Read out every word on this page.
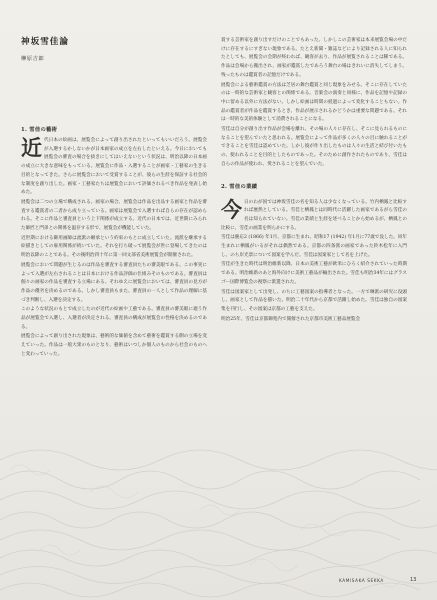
神坂雪佳論

榊原吉郎

1. 雪佳の藝術

近代日本の絵画は、展覧会によって創り出されたといってもいいだろう。展覧会が入選するかしないかが日本画家の成立を左右したといえる。今日においても展覧会の審査の場合を抜きにしてはいえないという状況は、明治以降の日本画の成立に大きな意味をもっている。展覧会に作品・入選することが画家・工藝家の生きる目的となってきた。さらに展覧会において受賞することが、彼らの生涯を保証する社会的な制度を創り出した。画家・工藝家たちは展覧会において評価されるべき作品を発表し始めた。

展覧会は二つの立場で構成される。画家の場合、展覧会は作品を出品する画家と作品を審査する鑑賞者の二者から成り立っている。画家は展覧会で入選すれば自らの存在が認められる。そこに作品と審査員という上下関係が成立する。近代の日本では、近世期にみられた師匠と門弟との関係を温存する形で、展覧会が機能していた。

近世期における御用画師は流派の継承という約束のもとに成立していた。流派を継承する絵描きとしての雇用関係が続いていた。それを打ち破って展覧会が世に登場してきたのは明治以降のことである。その後明治四十年に第一回文部省美術展覧会が開催された。

展覧会において問題が生じるのは作品を審査する審査員たちの審美眼である。この事実によって入選が左右されることは日本における作品評価の仕組みそのものである。審査員は個々の画家の作品を審査する立場にある。それゆえに展覧会においては、審査員の見方が作品の優劣を決めるのである。しかし審査員もまた、審査員の一人として作品の理解に基づき判断し、入選を決定する。

このような状況のもとで成立したのが近代の絵画や工藝である。審査員の審美眼に適う作品が展覧会で入選し、入選者が決定される。審査員の構成が展覧会の性格を決めるのである。

展覧会によって創り出された現象は、藝術的な価値を含めて藝術を鑑賞する側の立場を変えていった。作品は一般大衆のものとなり、藝術はいつしか個人のものから社会のものへと変わっていった。

賞する芸術家を創り出すだけのことでもあった。しかしこの芸術家は本来展覧会場の中だけに存在するにすぎない現象である。たとえ新聞・雑誌などにより記録される人に知られたとしても、展覧会の会期が終われば、観客が去り、作品が展覧されることは稀である。作品は会場から搬出され、画家が鑑賞したであろう舞台の場はきれいに消失してしまう。残ったものは鑑賞者の記憶だけである。

展覧会による藝術鑑賞の方法は芝居の舞台鑑賞と同じ現象をみせる。そこに存在していたのは一時的な芸術家と観客との関係である。音楽会の演奏と同様に、作品を記憶や記録の中に留める以外に方法がない。しかし絵画は時間の経過によって変化することもない。作品の鑑賞者が作品を鑑賞するとき、作品が展示されるかどうかは重要な問題である。それは一時的な美的体験として消費されることになる。

雪佳は自分が創り出す作品が会場を離れ、その場の人々に存在し、そこに見られるものになることを望んでいたと思われる。展覧会によって作品が多くの人々の目に触れることができることを雪佳は認めていた。しかし彼が作り出したものは人々の生活と結び付いたもの、使われることを目的としたものであった。そのために創作されたものであり、雪佳は自らの作品が使われ、愛されることを望んでいた。

2. 雪佳の業績

今日のわが国では神坂雪佳の名を知る人は少なくなっている。竹内栖鳳と比較すれば歴然としている。雪佳と栖鳳とは同時代に活躍した画家であるがら雪佳の名は知られていない。雪佳の業績と生涯を述べることから始めるが、栖鳳との比較に、雪佳の画業を明らかにする。

雪佳は慶応2 (1866) 年1月、京都に生まれ、昭和17 (1942) 年1月に77歳で没した。同年生まれに栖鳳がいるがそれは偶然である。京都の四条派の画家であった鈴木松年に入門し、のち岸光景について図案を学んだ。雪佳は図案家として名を上げた。

雪佳が生きた時代は明治維新以降、日本の美術工藝が欧米にひろく紹介されていった時期である。明治維新のあと海外向けに美術工藝品が輸出された。雪佳も明治34年にはグラスゴー国際博覧会の視察に派遣された。

雪佳は図案家として出発し、のちに工藝図案の指導者となった。一方で琳派の研究に没頭し、画家として作品を描いた。明治二十年代から京都で活躍し始めた。雪佳は独自の図案集を刊行し、その図案は京都の工藝を支えた。

明治25年、雪佳は京都御苑内で開催された京都市美術工藝品展覧会

KAMISAKA SEKKA	13
